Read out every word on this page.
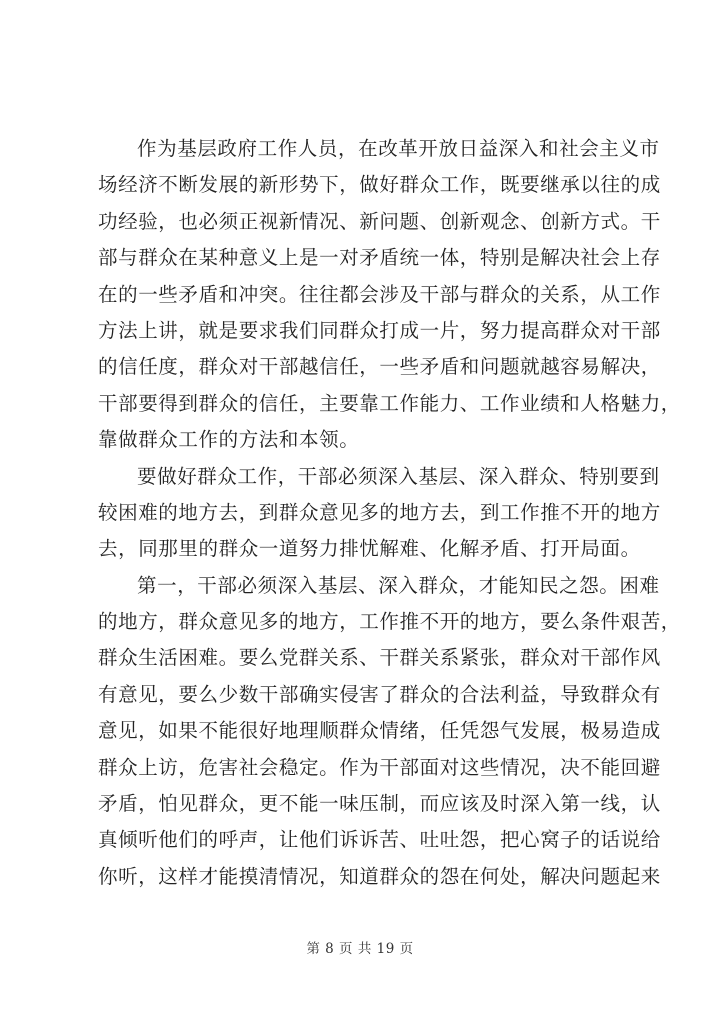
作为基层政府工作人员，在改革开放日益深入和社会主义市
场经济不断发展的新形势下，做好群众工作，既要继承以往的成
功经验，也必须正视新情况、新问题、创新观念、创新方式。干
部与群众在某种意义上是一对矛盾统一体，特别是解决社会上存
在的一些矛盾和冲突。往往都会涉及干部与群众的关系，从工作
方法上讲，就是要求我们同群众打成一片，努力提高群众对干部
的信任度，群众对干部越信任，一些矛盾和问题就越容易解决，
干部要得到群众的信任，主要靠工作能力、工作业绩和人格魅力，
靠做群众工作的方法和本领。
要做好群众工作，干部必须深入基层、深入群众、特别要到
较困难的地方去，到群众意见多的地方去，到工作推不开的地方
去，同那里的群众一道努力排忧解难、化解矛盾、打开局面。
第一，干部必须深入基层、深入群众，才能知民之怨。困难
的地方，群众意见多的地方，工作推不开的地方，要么条件艰苦，
群众生活困难。要么党群关系、干群关系紧张，群众对干部作风
有意见，要么少数干部确实侵害了群众的合法利益，导致群众有
意见，如果不能很好地理顺群众情绪，任凭怨气发展，极易造成
群众上访，危害社会稳定。作为干部面对这些情况，决不能回避
矛盾，怕见群众，更不能一味压制，而应该及时深入第一线，认
真倾听他们的呼声，让他们诉诉苦、吐吐怨，把心窝子的话说给
你听，这样才能摸清情况，知道群众的怨在何处，解决问题起来
第 8 页 共 19 页
